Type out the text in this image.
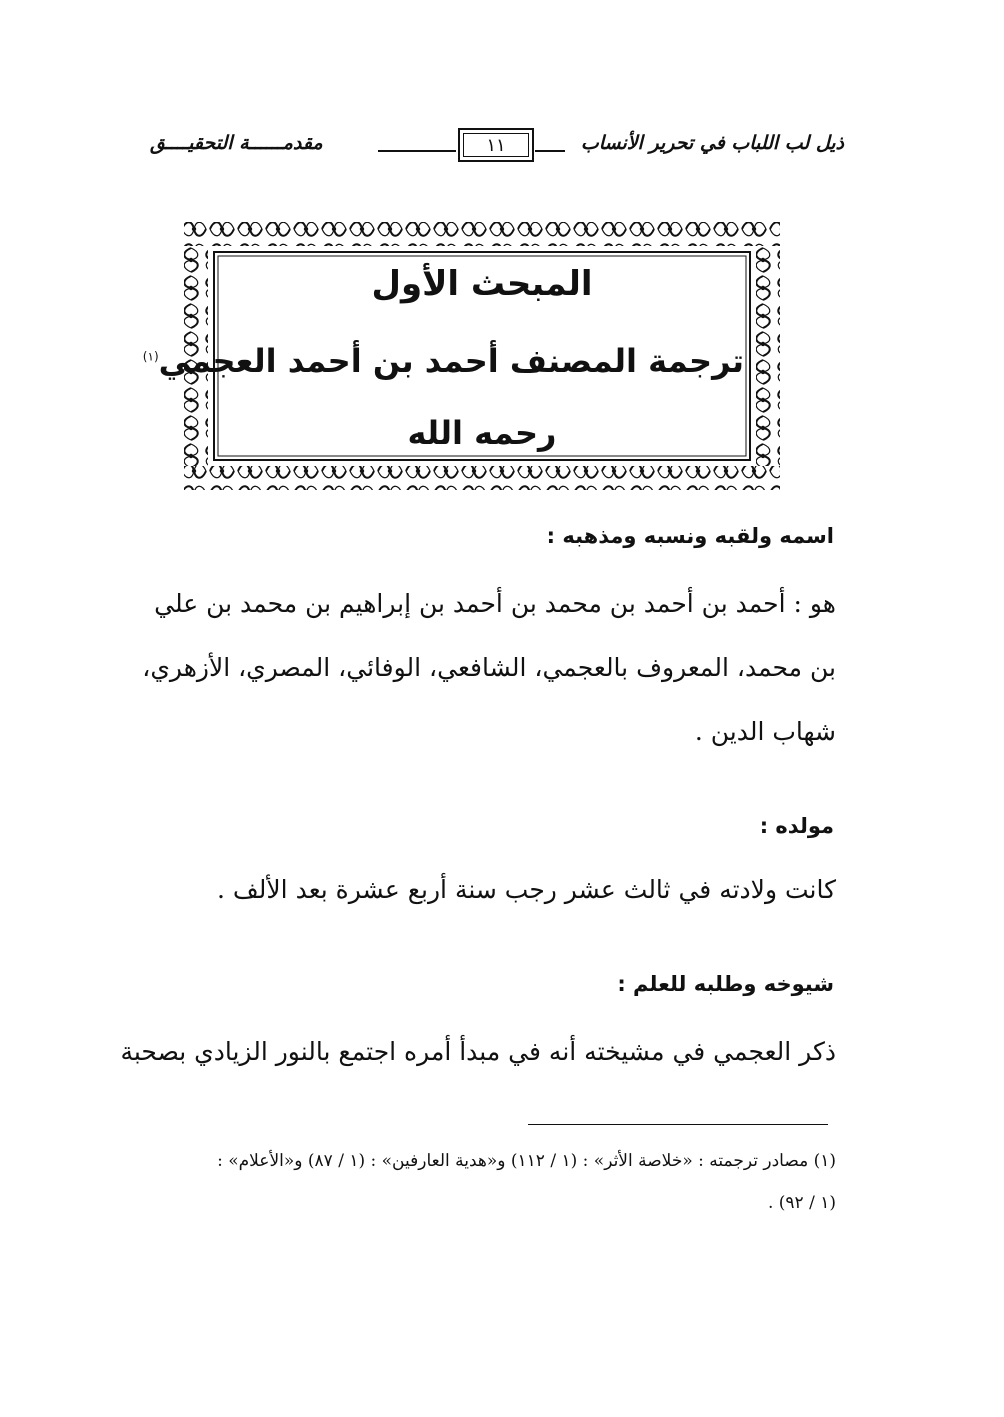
ذيل لب اللباب في تحرير الأنساب
١١
مقدمــــــة التحقيــــق
المبحث الأول
ترجمة المصنف أحمد بن أحمد العجمي$^{(١)}$
رحمه الله
اسمه ولقبه ونسبه ومذهبه :
هو : أحمد بن أحمد بن محمد بن أحمد بن إبراهيم بن محمد بن علي
بن محمد، المعروف بالعجمي، الشافعي، الوفائي، المصري، الأزهري،
شهاب الدين .
مولده :
كانت ولادته في ثالث عشر رجب سنة أربع عشرة بعد الألف .
شيوخه وطلبه للعلم :
ذكر العجمي في مشيخته أنه في مبدأ أمره اجتمع بالنور الزيادي بصحبة
(١) مصادر ترجمته : «خلاصة الأثر» : (١ / ١١٢) و«هدية العارفين» : (١ / ٨٧) و«الأعلام» :
(١ / ٩٢) .
